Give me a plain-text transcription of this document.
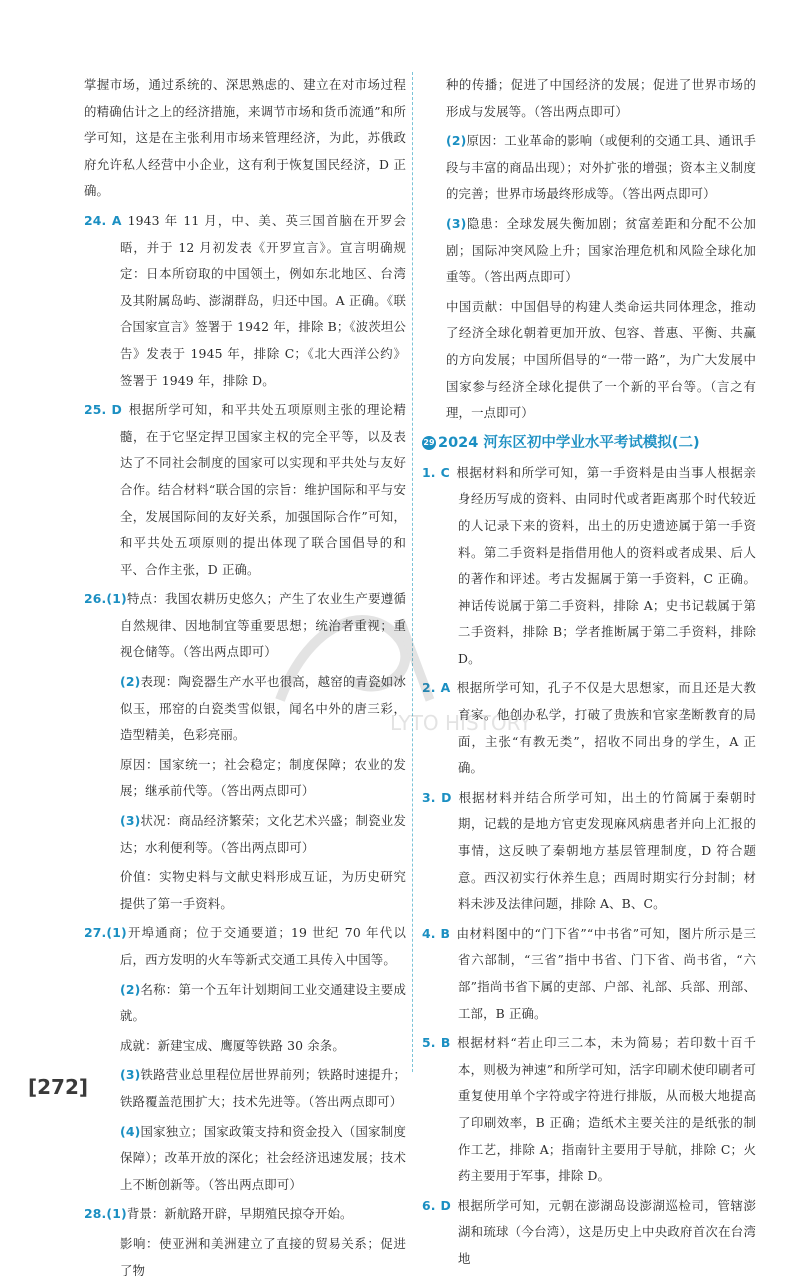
掌握市场，通过系统的、深思熟虑的、建立在对市场过程的精确估计之上的经济措施，来调节市场和货币流通”和所学可知，这是在主张利用市场来管理经济，为此，苏俄政府允许私人经营中小企业，这有利于恢复国民经济，D 正确。

24. A 1943 年 11 月，中、美、英三国首脑在开罗会晤，并于 12 月初发表《开罗宣言》。宣言明确规定：日本所窃取的中国领土，例如东北地区、台湾及其附属岛屿、澎湖群岛，归还中国。A 正确。《联合国家宣言》签署于 1942 年，排除 B；《波茨坦公告》发表于 1945 年，排除 C；《北大西洋公约》签署于 1949 年，排除 D。

25. D 根据所学可知，和平共处五项原则主张的理论精髓，在于它坚定捍卫国家主权的完全平等，以及表达了不同社会制度的国家可以实现和平共处与友好合作。结合材料“联合国的宗旨：维护国际和平与安全，发展国际间的友好关系，加强国际合作”可知，和平共处五项原则的提出体现了联合国倡导的和平、合作主张，D 正确。

26.(1)特点：我国农耕历史悠久；产生了农业生产要遵循自然规律、因地制宜等重要思想；统治者重视；重视仓储等。（答出两点即可）

(2)表现：陶瓷器生产水平也很高，越窑的青瓷如冰似玉，邢窑的白瓷类雪似银，闻名中外的唐三彩，造型精美，色彩亮丽。

原因：国家统一；社会稳定；制度保障；农业的发展；继承前代等。（答出两点即可）

(3)状况：商品经济繁荣；文化艺术兴盛；制瓷业发达；水利便利等。（答出两点即可）

价值：实物史料与文献史料形成互证，为历史研究提供了第一手资料。

27.(1)开埠通商；位于交通要道；19 世纪 70 年代以后，西方发明的火车等新式交通工具传入中国等。

(2)名称：第一个五年计划期间工业交通建设主要成就。

成就：新建宝成、鹰厦等铁路 30 余条。

(3)铁路营业总里程位居世界前列；铁路时速提升；铁路覆盖范围扩大；技术先进等。（答出两点即可）

(4)国家独立；国家政策支持和资金投入（国家制度保障）；改革开放的深化；社会经济迅速发展；技术上不断创新等。（答出两点即可）

28.(1)背景：新航路开辟，早期殖民掠夺开始。

影响：使亚洲和美洲建立了直接的贸易关系；促进了物

种的传播；促进了中国经济的发展；促进了世界市场的形成与发展等。（答出两点即可）

(2)原因：工业革命的影响（或便利的交通工具、通讯手段与丰富的商品出现）；对外扩张的增强；资本主义制度的完善；世界市场最终形成等。（答出两点即可）

(3)隐患：全球发展失衡加剧；贫富差距和分配不公加剧；国际冲突风险上升；国家治理危机和风险全球化加重等。（答出两点即可）

中国贡献：中国倡导的构建人类命运共同体理念，推动了经济全球化朝着更加开放、包容、普惠、平衡、共赢的方向发展；中国所倡导的“一带一路”，为广大发展中国家参与经济全球化提供了一个新的平台等。（言之有理，一点即可）

29 2024 河东区初中学业水平考试模拟(二)

1. C 根据材料和所学可知，第一手资料是由当事人根据亲身经历写成的资料、由同时代或者距离那个时代较近的人记录下来的资料，出土的历史遗迹属于第一手资料。第二手资料是指借用他人的资料或者成果、后人的著作和评述。考古发掘属于第一手资料，C 正确。神话传说属于第二手资料，排除 A；史书记载属于第二手资料，排除 B；学者推断属于第二手资料，排除 D。

2. A 根据所学可知，孔子不仅是大思想家，而且还是大教育家。他创办私学，打破了贵族和官家垄断教育的局面，主张“有教无类”，招收不同出身的学生，A 正确。

3. D 根据材料并结合所学可知，出土的竹简属于秦朝时期，记载的是地方官吏发现麻风病患者并向上汇报的事情，这反映了秦朝地方基层管理制度，D 符合题意。西汉初实行休养生息；西周时期实行分封制；材料未涉及法律问题，排除 A、B、C。

4. B 由材料图中的“门下省”“中书省”可知，图片所示是三省六部制，“三省”指中书省、门下省、尚书省，“六部”指尚书省下属的吏部、户部、礼部、兵部、刑部、工部，B 正确。

5. B 根据材料“若止印三二本，未为简易；若印数十百千本，则极为神速”和所学可知，活字印刷术使印刷者可重复使用单个字符或字符进行排版，从而极大地提高了印刷效率，B 正确；造纸术主要关注的是纸张的制作工艺，排除 A；指南针主要用于导航，排除 C；火药主要用于军事，排除 D。

6. D 根据所学可知，元朝在澎湖岛设澎湖巡检司，管辖澎湖和琉球（今台湾），这是历史上中央政府首次在台湾地

LYTO HISTORY
[272]
